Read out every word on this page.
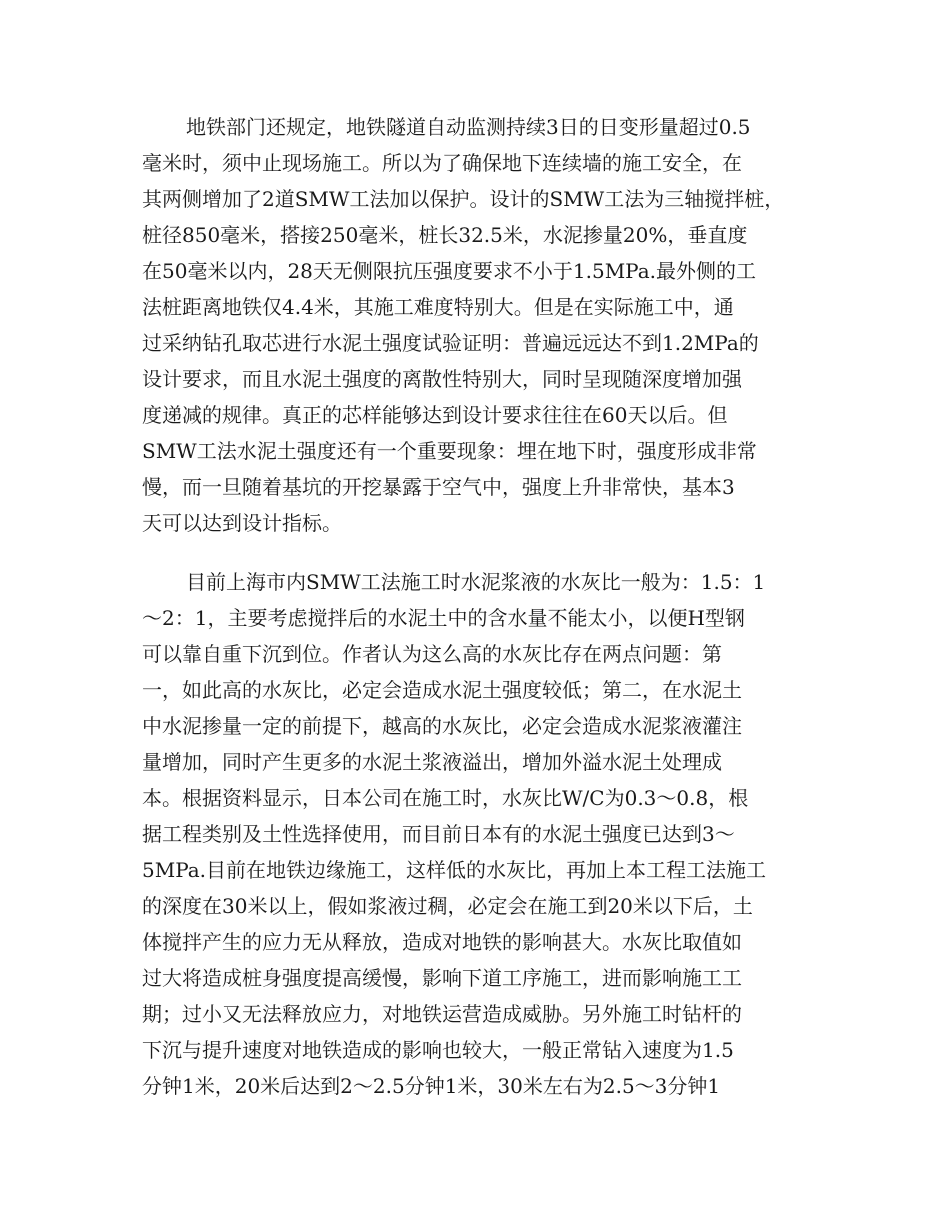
地铁部门还规定，地铁隧道自动监测持续3日的日变形量超过0.5
毫米时，须中止现场施工。所以为了确保地下连续墙的施工安全，在
其两侧增加了2道SMW工法加以保护。设计的SMW工法为三轴搅拌桩，
桩径850毫米，搭接250毫米，桩长32.5米，水泥掺量20%，垂直度
在50毫米以内，28天无侧限抗压强度要求不小于1.5MPa.最外侧的工
法桩距离地铁仅4.4米，其施工难度特别大。但是在实际施工中，通
过采纳钻孔取芯进行水泥土强度试验证明：普遍远远达不到1.2MPa的
设计要求，而且水泥土强度的离散性特别大，同时呈现随深度增加强
度递减的规律。真正的芯样能够达到设计要求往往在60天以后。但
SMW工法水泥土强度还有一个重要现象：埋在地下时，强度形成非常
慢，而一旦随着基坑的开挖暴露于空气中，强度上升非常快，基本3
天可以达到设计指标。
目前上海市内SMW工法施工时水泥浆液的水灰比一般为：1.5：1
～2：1，主要考虑搅拌后的水泥土中的含水量不能太小，以便H型钢
可以靠自重下沉到位。作者认为这么高的水灰比存在两点问题：第
一，如此高的水灰比，必定会造成水泥土强度较低；第二，在水泥土
中水泥掺量一定的前提下，越高的水灰比，必定会造成水泥浆液灌注
量增加，同时产生更多的水泥土浆液溢出，增加外溢水泥土处理成
本。根据资料显示，日本公司在施工时，水灰比W/C为0.3～0.8，根
据工程类别及土性选择使用，而目前日本有的水泥土强度已达到3～
5MPa.目前在地铁边缘施工，这样低的水灰比，再加上本工程工法施工
的深度在30米以上，假如浆液过稠，必定会在施工到20米以下后，土
体搅拌产生的应力无从释放，造成对地铁的影响甚大。水灰比取值如
过大将造成桩身强度提高缓慢，影响下道工序施工，进而影响施工工
期；过小又无法释放应力，对地铁运营造成威胁。另外施工时钻杆的
下沉与提升速度对地铁造成的影响也较大，一般正常钻入速度为1.5
分钟1米，20米后达到2～2.5分钟1米，30米左右为2.5～3分钟1
